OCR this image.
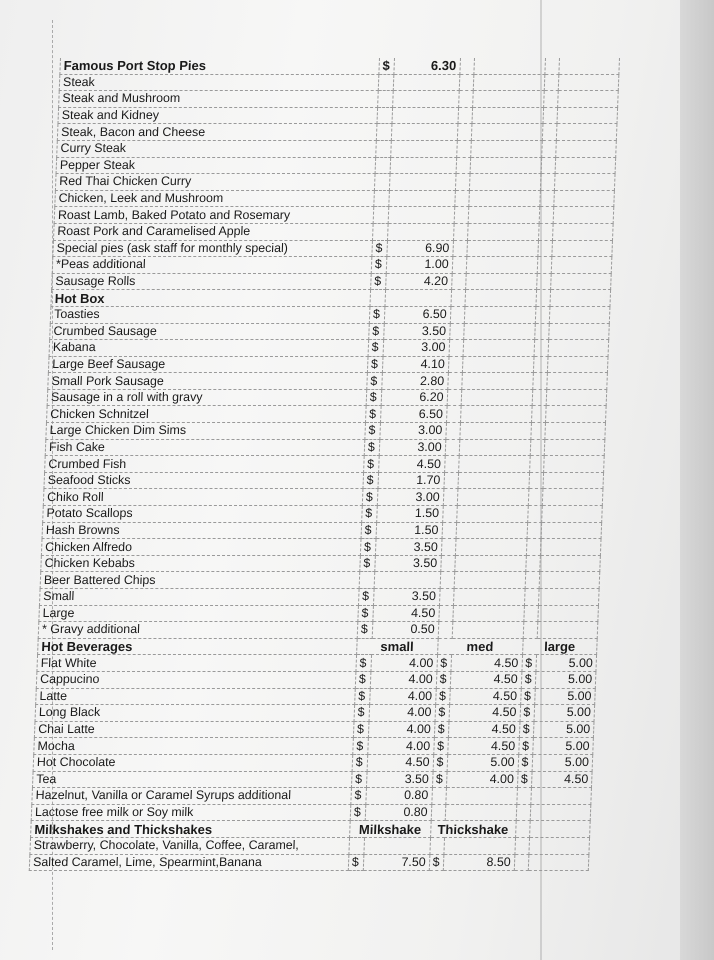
Famous Port Stop Pies	$	6.30				
Steak						
Steak and Mushroom						
Steak and Kidney						
Steak, Bacon and Cheese						
Curry Steak						
Pepper Steak						
Red Thai Chicken Curry						
Chicken, Leek and Mushroom						
Roast Lamb, Baked Potato and Rosemary						
Roast Pork and Caramelised Apple						
Special pies (ask staff for monthly special)	$	6.90				
*Peas additional	$	1.00				
Sausage Rolls	$	4.20				
Hot Box						
Toasties	$	6.50				
Crumbed Sausage	$	3.50				
Kabana	$	3.00				
Large Beef Sausage	$	4.10				
Small Pork Sausage	$	2.80				
Sausage in a roll with gravy	$	6.20				
Chicken Schnitzel	$	6.50				
Large Chicken Dim Sims	$	3.00				
Fish Cake	$	3.00				
Crumbed Fish	$	4.50				
Seafood Sticks	$	1.70				
Chiko Roll	$	3.00				
Potato Scallops	$	1.50				
Hash Browns	$	1.50				
Chicken Alfredo	$	3.50				
Chicken Kebabs	$	3.50				
Beer Battered Chips						
Small	$	3.50				
Large	$	4.50				
* Gravy additional	$	0.50				
Hot Beverages	small		med		large	
Flat White	$	4.00	$	4.50	$	5.00
Cappucino	$	4.00	$	4.50	$	5.00
Latte	$	4.00	$	4.50	$	5.00
Long Black	$	4.00	$	4.50	$	5.00
Chai Latte	$	4.00	$	4.50	$	5.00
Mocha	$	4.00	$	4.50	$	5.00
Hot Chocolate	$	4.50	$	5.00	$	5.00
Tea	$	3.50	$	4.00	$	4.50
Hazelnut, Vanilla or Caramel Syrups additional	$	0.80				
Lactose free milk or Soy milk	$	0.80				
Milkshakes and Thickshakes	Milkshake		Thickshake			
Strawberry, Chocolate, Vanilla, Coffee, Caramel,						
Salted Caramel, Lime, Spearmint,Banana	$	7.50	$	8.50		
